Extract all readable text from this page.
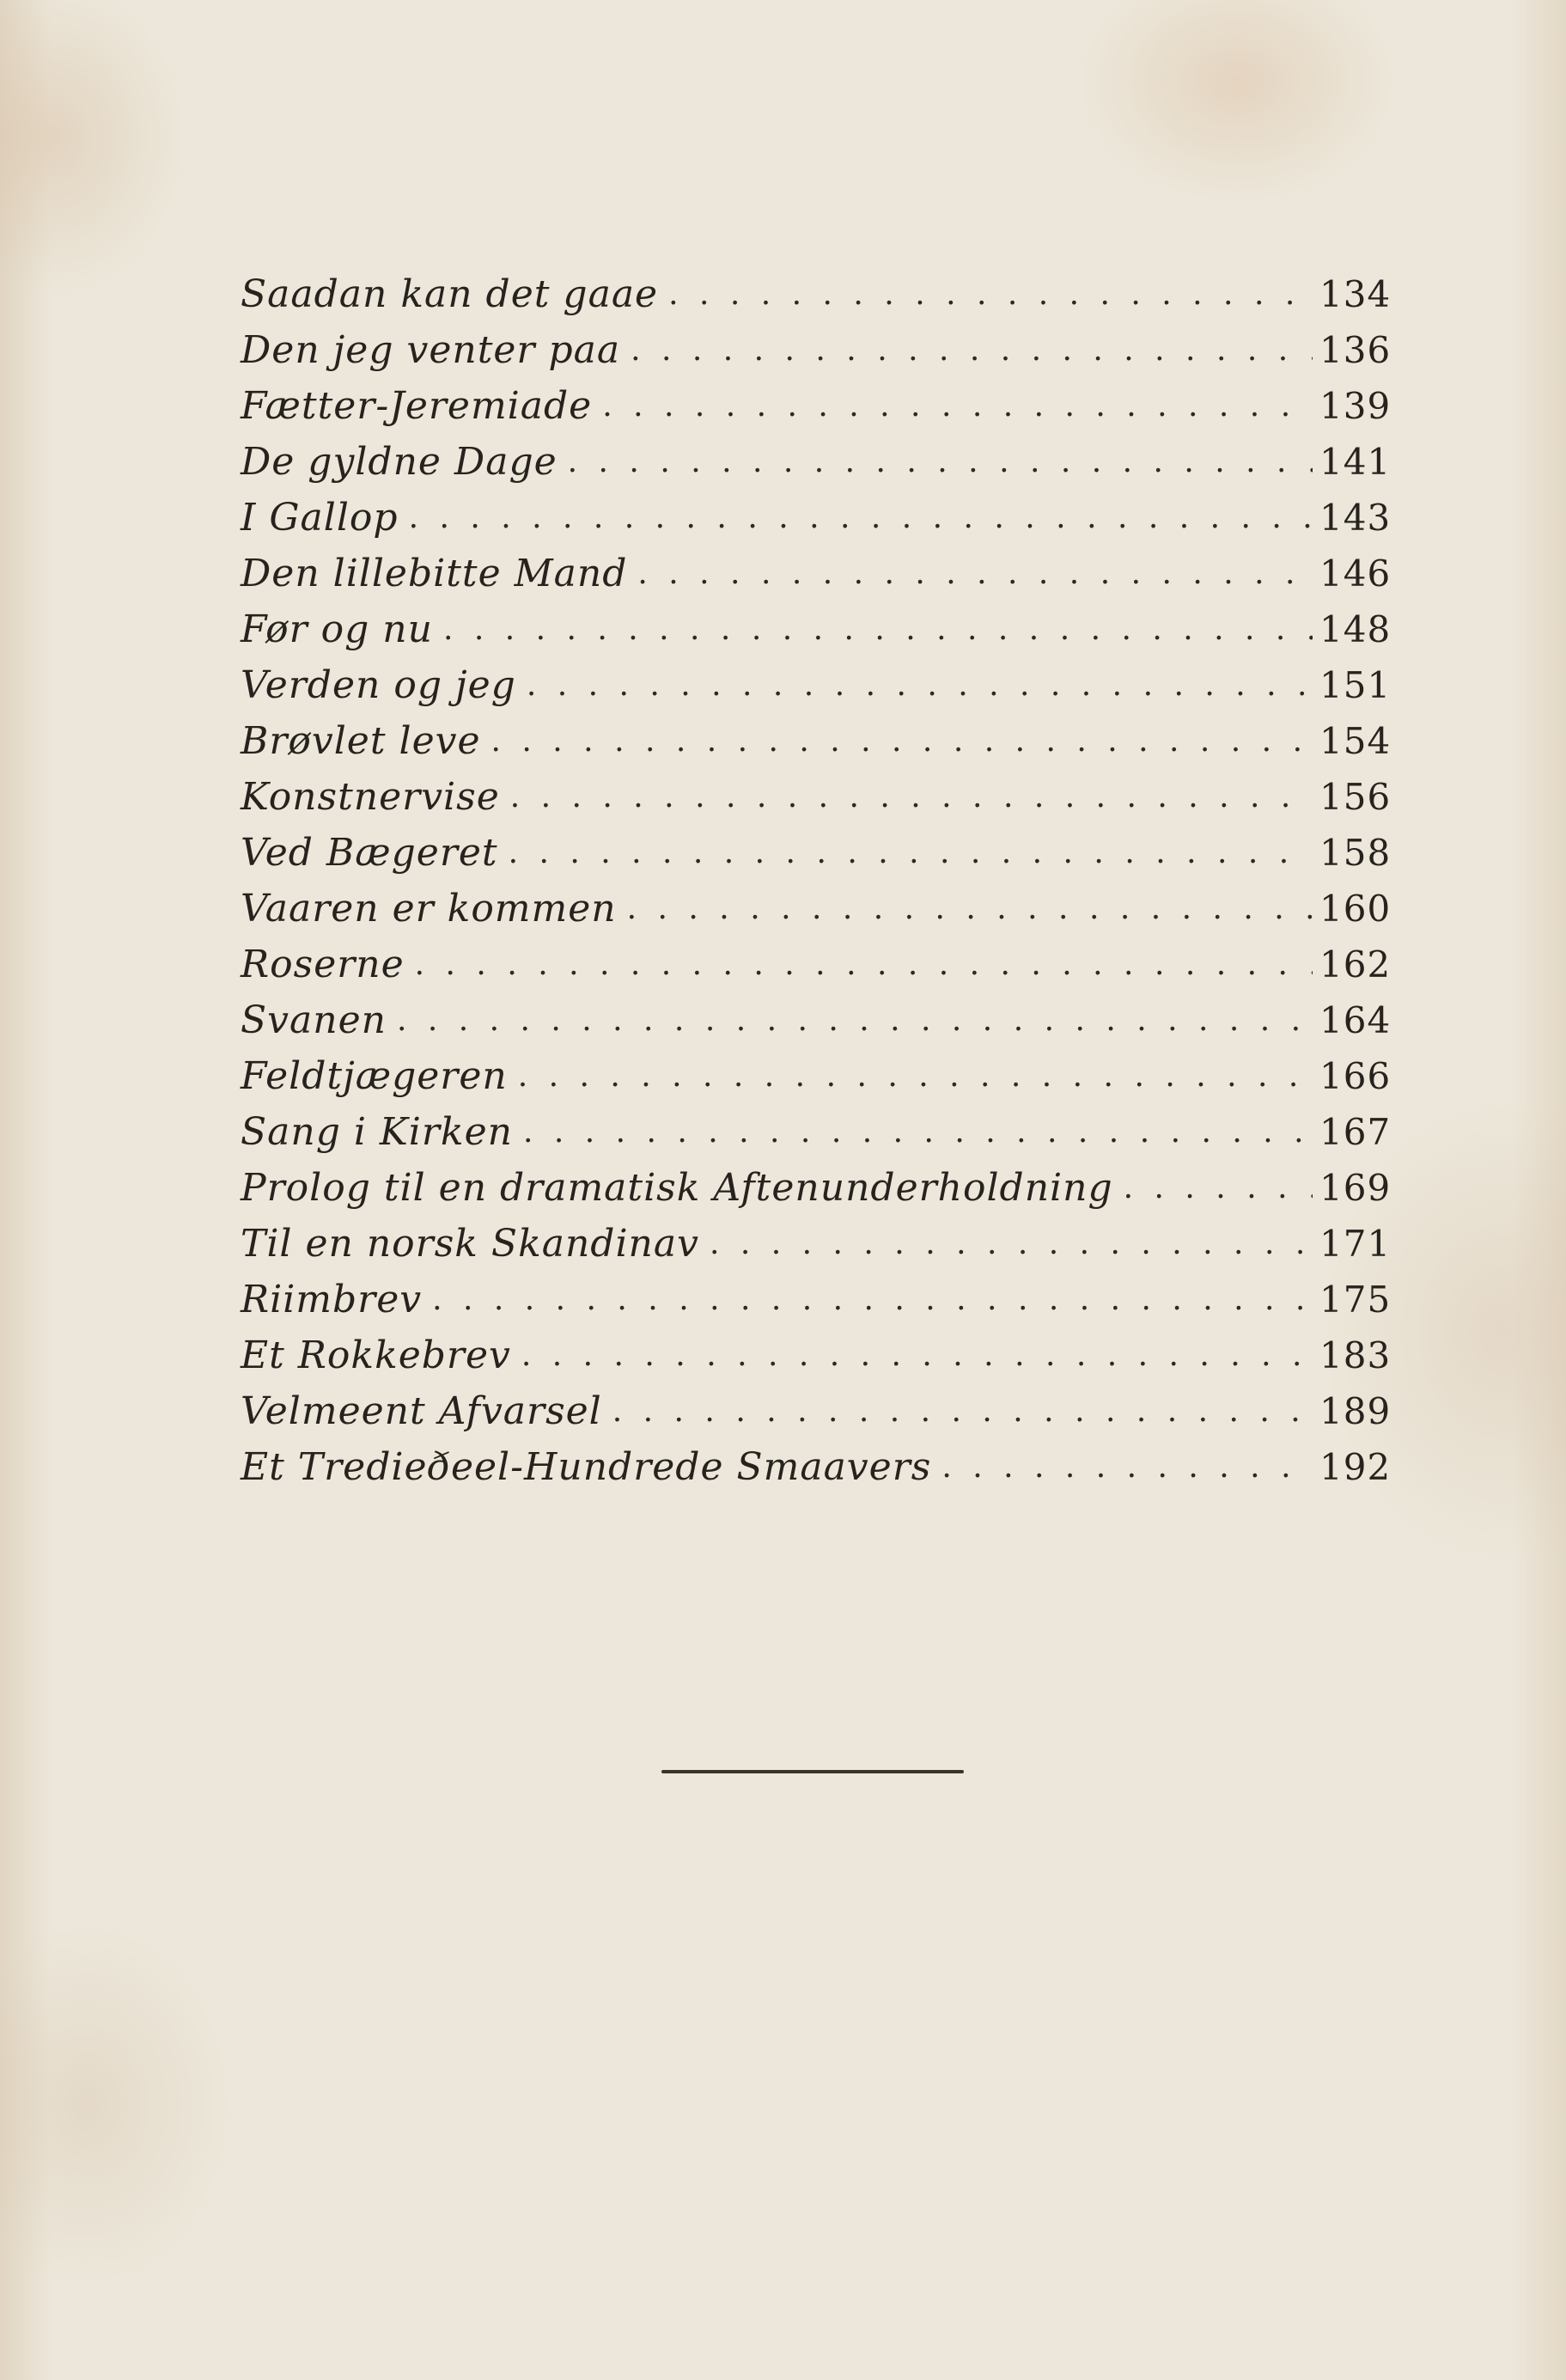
Saadan kan det gaae . . .	134
Den jeg venter paa . . .	136
Fætter-Jeremiade . . .	139
De gyldne Dage . . .	141
I Gallop . . .	143
Den lillebitte Mand . . .	146
Før og nu . . .	148
Verden og jeg . . .	151
Brøvlet leve . . .	154
Konstnervise . . .	156
Ved Bægeret . . .	158
Vaaren er kommen . . .	160
Roserne . . .	162
Svanen . . .	164
Feldtjægeren . . .	166
Sang i Kirken . . .	167
Prolog til en dramatisk Aftenunderholdning . . .	169
Til en norsk Skandinav . . .	171
Riimbrev . . .	175
Et Rokkebrev . . .	183
Velmeent Afvarsel . . .	189
Et Tredieðeel-Hundrede Smaavers . . .	192
